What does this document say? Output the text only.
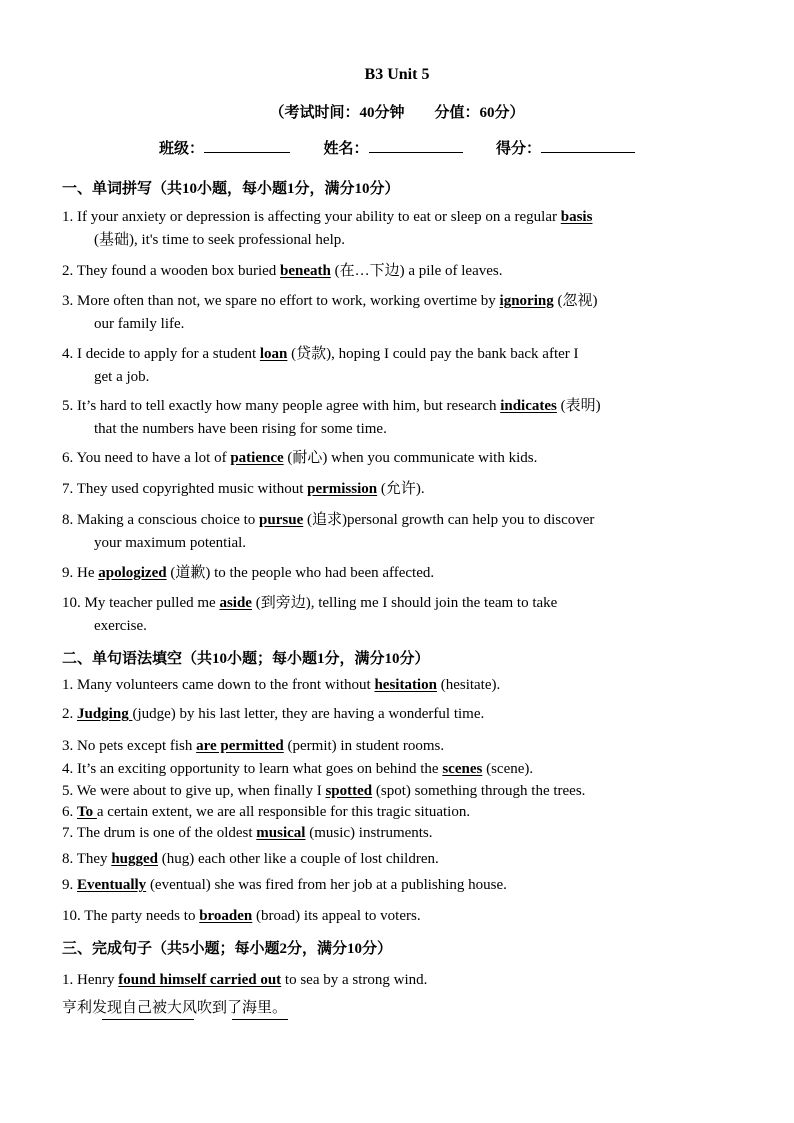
B3 Unit 5
（考试时间：40分钟　　分值：60分）
班级：	姓名：	得分：
一、单词拼写（共10小题，每小题1分，满分10分）
1. If your anxiety or depression is affecting your ability to eat or sleep on a regular basis
(基础), it's time to seek professional help.
2. They found a wooden box buried beneath (在…下边) a pile of leaves.
3. More often than not, we spare no effort to work, working overtime by ignoring (忽视)
our family life.
4. I decide to apply for a student loan (贷款), hoping I could pay the bank back after I
get a job.
5. It’s hard to tell exactly how many people agree with him, but research indicates (表明)
that the numbers have been rising for some time.
6. You need to have a lot of patience (耐心) when you communicate with kids.
7. They used copyrighted music without permission (允许).
8. Making a conscious choice to pursue (追求)personal growth can help you to discover
your maximum potential.
9. He apologized (道歉) to the people who had been affected.
10. My teacher pulled me aside (到旁边), telling me I should join the team to take
exercise.
二、单句语法填空（共10小题；每小题1分，满分10分）
1. Many volunteers came down to the front without hesitation (hesitate).
2. Judging (judge) by his last letter, they are having a wonderful time.
3. No pets except fish are permitted (permit) in student rooms.
4. It’s an exciting opportunity to learn what goes on behind the scenes (scene).
5. We were about to give up, when finally I spotted (spot) something through the trees.
6. To a certain extent, we are all responsible for this tragic situation.
7. The drum is one of the oldest musical (music) instruments.
8. They hugged (hug) each other like a couple of lost children.
9. Eventually (eventual) she was fired from her job at a publishing house.
10. The party needs to broaden (broad) its appeal to voters.
三、完成句子（共5小题；每小题2分，满分10分）
1. Henry found himself carried out to sea by a strong wind.
亨利发现自己被大风吹到了海里。
